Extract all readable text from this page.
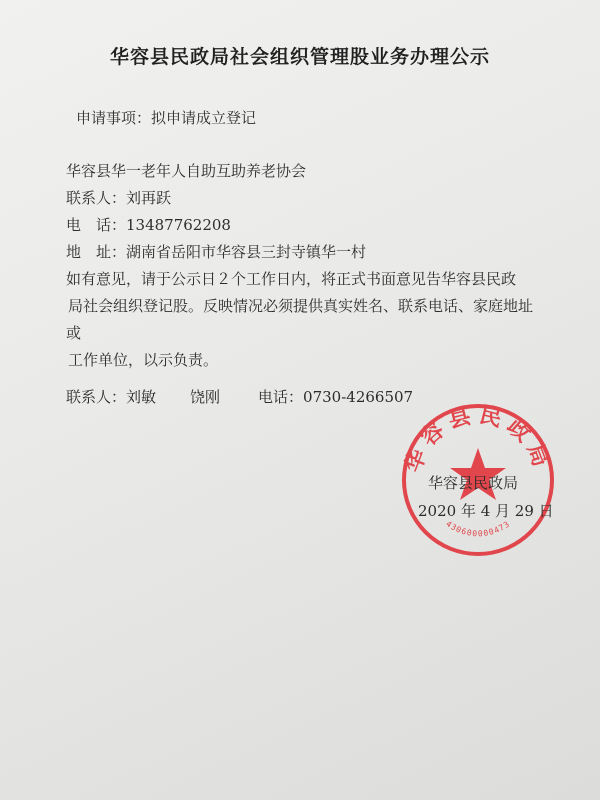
华容县民政局社会组织管理股业务办理公示
申请事项：拟申请成立登记
华容县华一老年人自助互助养老协会
联系人：刘再跃
电　话：13487762208
地　址：湖南省岳阳市华容县三封寺镇华一村
如有意见，请于公示日２个工作日内，将正式书面意见告华容县民政
局社会组织登记股。反映情况必须提供真实姓名、联系电话、家庭地址或
工作单位，以示负责。
联系人：刘敏 饶刚	电话：0730-4266507
华容县民政局
430600000473
华容县民政局
2020 年 4 月 29 日
